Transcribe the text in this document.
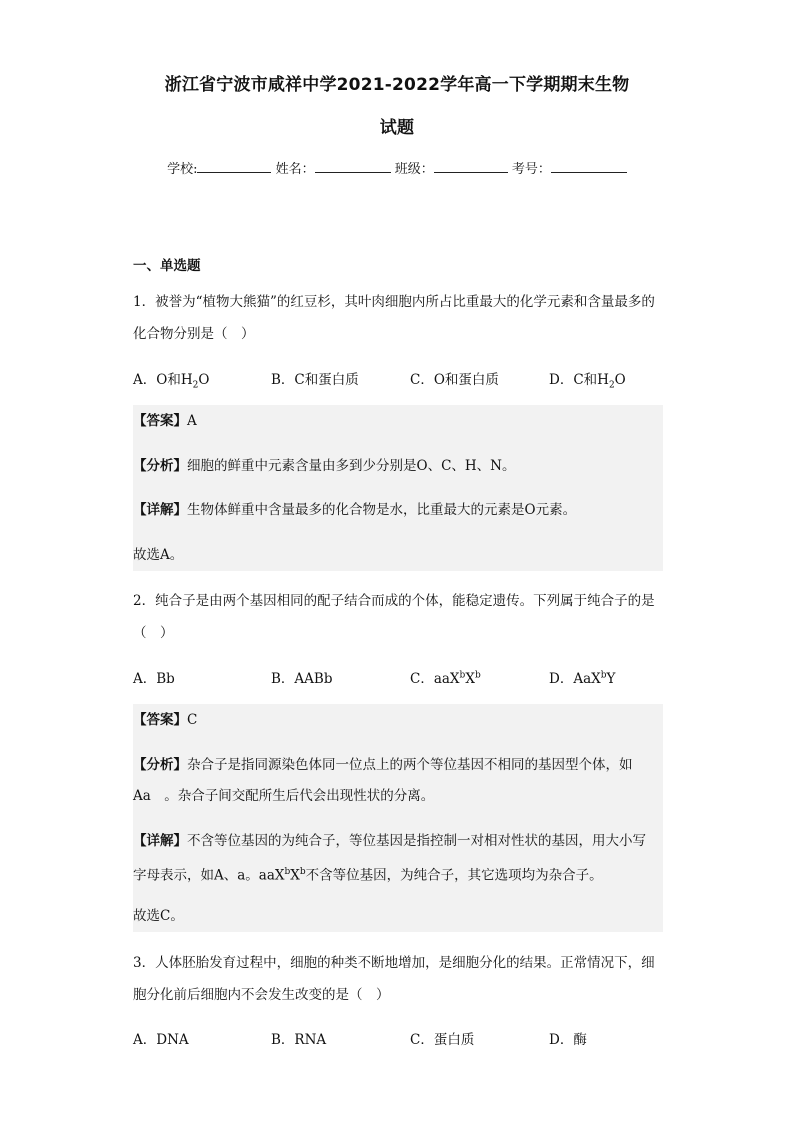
浙江省宁波市咸祥中学2021-2022学年高一下学期期末生物
试题
学校:	姓名：	班级：	考号：
一、单选题
1．被誉为“植物大熊猫”的红豆杉，其叶肉细胞内所占比重最大的化学元素和含量最多的化合物分别是（　）
A．O和$H_2O$	B．C和蛋白质	C．O和蛋白质	D．C和$H_2O$
【答案】A
【分析】细胞的鲜重中元素含量由多到少分别是O、C、H、N。
【详解】生物体鲜重中含量最多的化合物是水，比重最大的元素是O元素。
故选A。
2．纯合子是由两个基因相同的配子结合而成的个体，能稳定遗传。下列属于纯合子的是（　）
A．Bb	B．AABb	C．$aaX^bX^b$	D．AaX$^b$Y
【答案】C
【分析】杂合子是指同源染色体同一位点上的两个等位基因不相同的基因型个体，如
Aa　。杂合子间交配所生后代会出现性状的分离。
【详解】不含等位基因的为纯合子，等位基因是指控制一对相对性状的基因，用大小写
字母表示，如A、a。$aaX^bX^b$不含等位基因，为纯合子，其它选项均为杂合子。
故选C。
3．人体胚胎发育过程中，细胞的种类不断地增加，是细胞分化的结果。正常情况下，细胞分化前后细胞内不会发生改变的是（　）
A．DNA	B．RNA	C．蛋白质	D．酶
